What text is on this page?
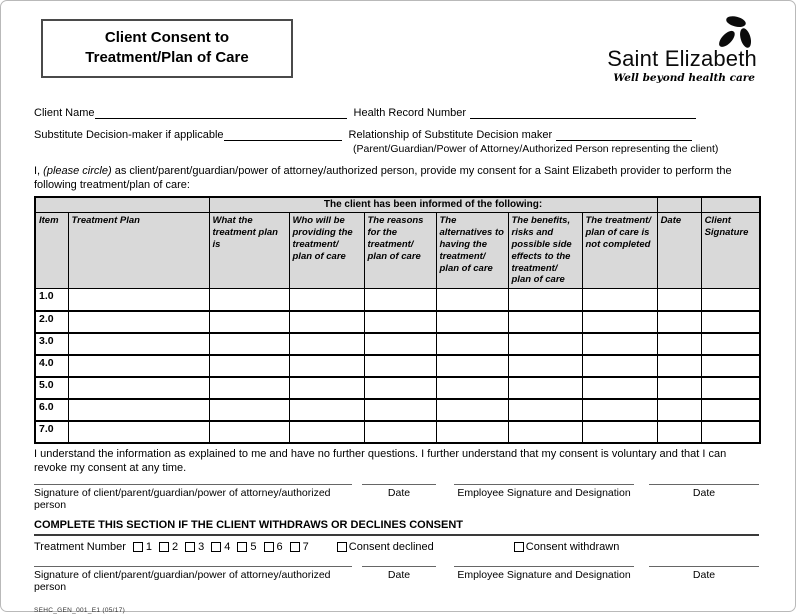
Client Consent to
Treatment/Plan of Care	Saint Elizabeth
Well beyond health care
Client Name	Health Record Number
Substitute Decision-maker if applicable	Relationship of Substitute Decision maker
(Parent/Guardian/Power of Attorney/Authorized Person representing the client)
I, (please circle) as client/parent/guardian/power of attorney/authorized person, provide my consent for a Saint Elizabeth provider to perform the following treatment/plan of care:
		The client has been informed of the following:							
Item	Treatment Plan	What the treatment plan is	Who will be providing the treatment/ plan of care	The reasons for the treatment/ plan of care	The alternatives to having the treatment/ plan of care	The benefits, risks and possible side effects to the treatment/ plan of care	The treatment/ plan of care is not completed	Date	Client Signature
1.0									
2.0									
3.0									
4.0									
5.0									
6.0									
7.0									
I understand the information as explained to me and have no further questions. I further understand that my consent is voluntary and that I can revoke my consent at any time.
Signature of client/parent/guardian/power of attorney/authorized person
Date	Employee Signature and Designation	Date
COMPLETE THIS SECTION IF THE CLIENT WITHDRAWS OR DECLINES CONSENT
Treatment Number 1 2 3 4 5 6 7	Consent declined	Consent withdrawn
Signature of client/parent/guardian/power of attorney/authorized person
Date	Employee Signature and Designation	Date
SEHC_GEN_001_E1 (05/17)
